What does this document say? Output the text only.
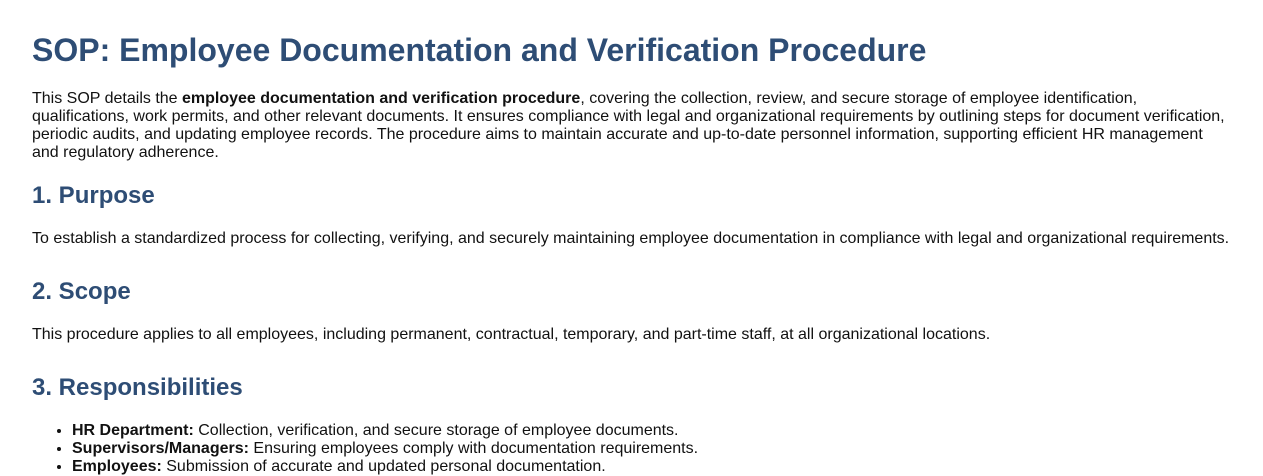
SOP: Employee Documentation and Verification Procedure

This SOP details the employee documentation and verification procedure, covering the collection, review, and secure storage of employee identification, qualifications, work permits, and other relevant documents. It ensures compliance with legal and organizational requirements by outlining steps for document verification, periodic audits, and updating employee records. The procedure aims to maintain accurate and up-to-date personnel information, supporting efficient HR management and regulatory adherence.

1. Purpose

To establish a standardized process for collecting, verifying, and securely maintaining employee documentation in compliance with legal and organizational requirements.

2. Scope

This procedure applies to all employees, including permanent, contractual, temporary, and part-time staff, at all organizational locations.

3. Responsibilities
• HR Department: Collection, verification, and secure storage of employee documents.
• Supervisors/Managers: Ensuring employees comply with documentation requirements.
• Employees: Submission of accurate and updated personal documentation.
